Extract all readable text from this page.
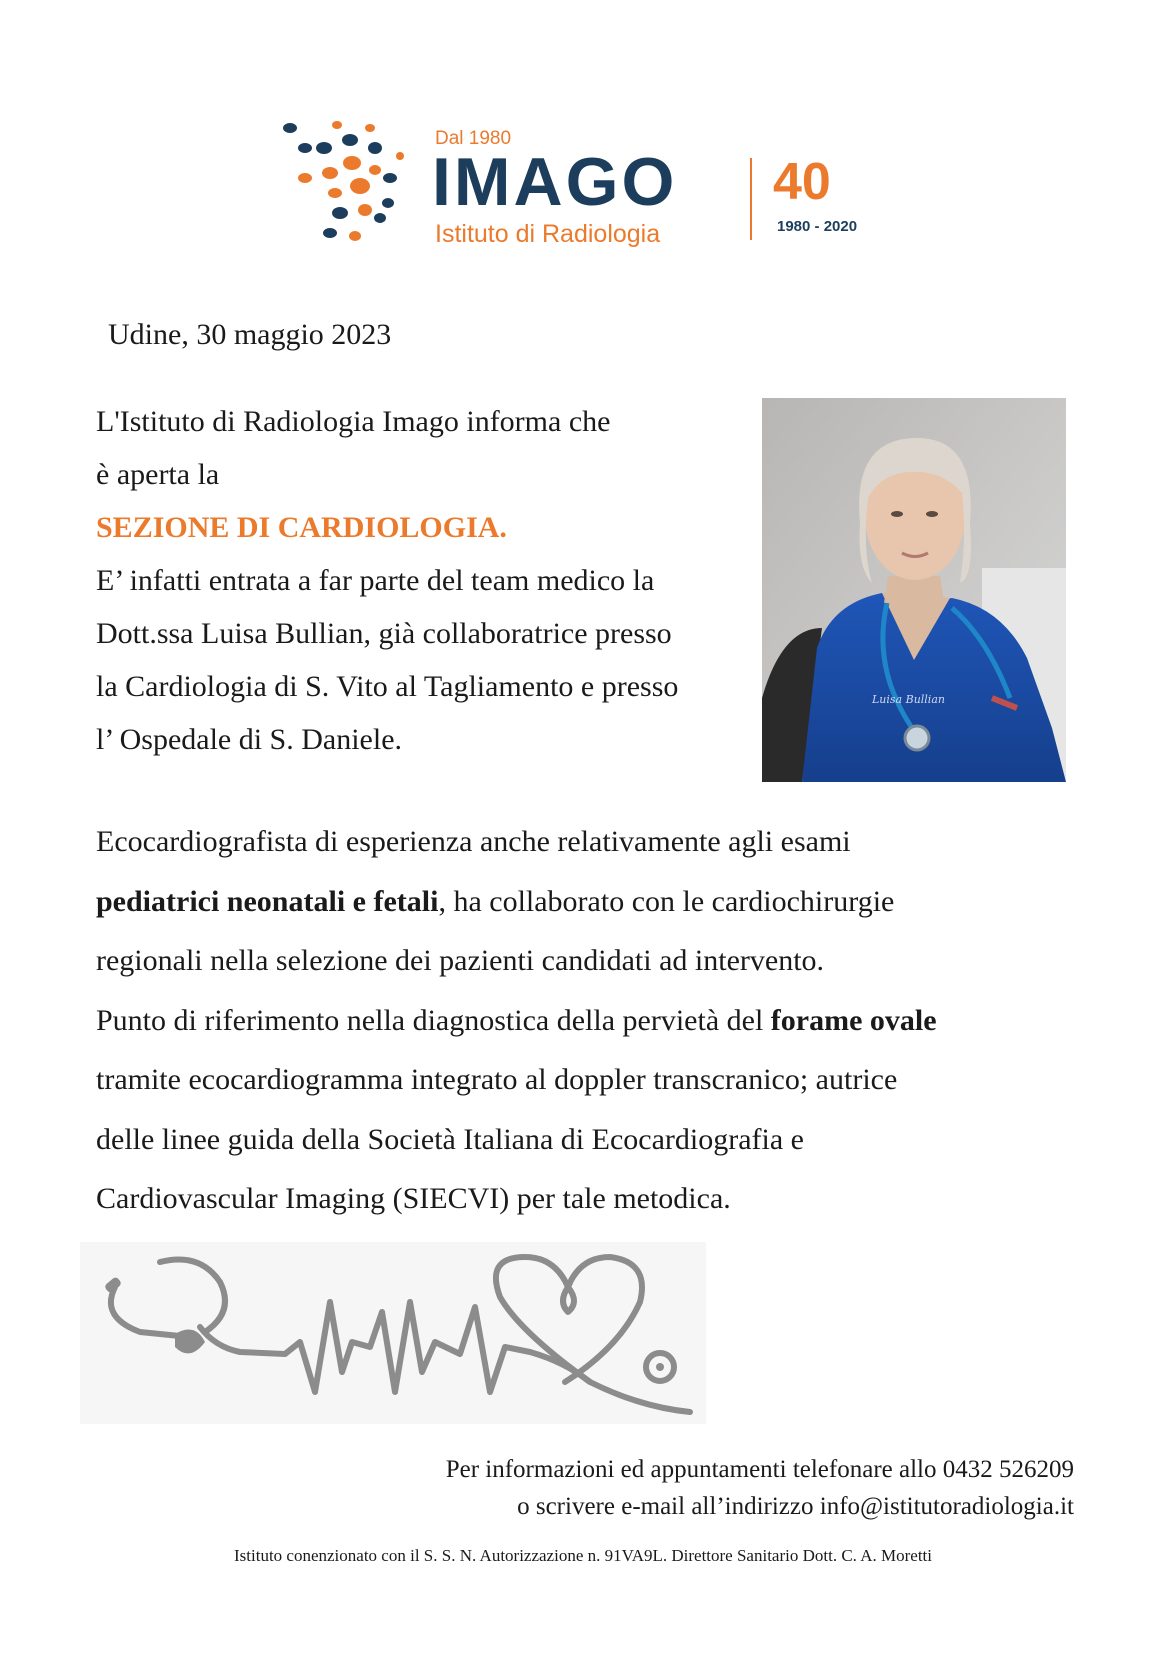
Dal 1980
IMAGO
Istituto di Radiologia
40
1980 - 2020
Udine, 30 maggio 2023

L'Istituto di Radiologia Imago informa che

è aperta la

SEZIONE DI CARDIOLOGIA.

E’ infatti entrata a far parte del team medico la

Dott.ssa Luisa Bullian, già collaboratrice presso

la Cardiologia di S. Vito al Tagliamento e presso

l’ Ospedale di S. Daniele.

Luisa Bullian

Ecocardiografista di esperienza anche relativamente agli esami

pediatrici neonatali e fetali, ha collaborato con le cardiochirurgie

regionali nella selezione dei pazienti candidati ad intervento.

Punto di riferimento nella diagnostica della pervietà del forame ovale

tramite ecocardiogramma integrato al doppler transcranico; autrice

delle linee guida della Società Italiana di Ecocardiografia e

Cardiovascular Imaging (SIECVI) per tale metodica.

Per informazioni ed appuntamenti telefonare allo 0432 526209

o scrivere e-mail all’indirizzo info@istitutoradiologia.it

Istituto conenzionato con il S. S. N. Autorizzazione n. 91VA9L. Direttore Sanitario Dott. C. A. Moretti
